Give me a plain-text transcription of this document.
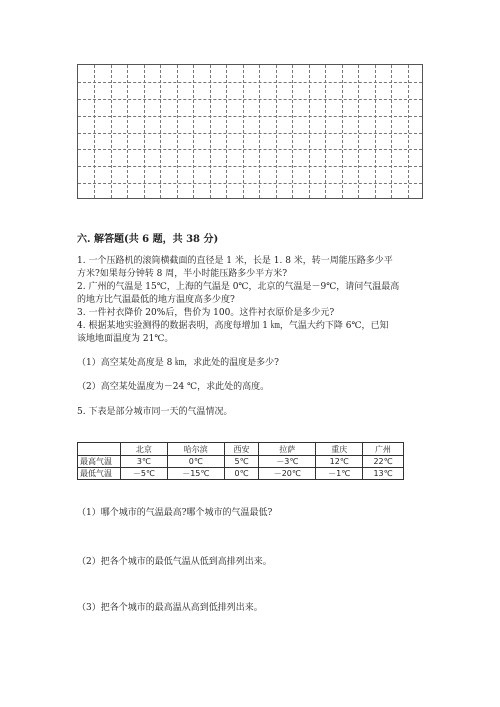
六. 解答题(共 6 题，共 38 分)
1. 一个压路机的滚筒横截面的直径是 1 米，长是 1. 8 米，转一周能压路多少平
方米?如果每分钟转 8 周，半小时能压路多少平方米?
2. 广州的气温是 15℃，上海的气温是 0℃，北京的气温是－9℃，请问气温最高
的地方比气温最低的地方温度高多少度?
3. 一件衬衣降价 20%后，售价为 100。这件衬衣原价是多少元?
4. 根据某地实验测得的数据表明，高度每增加 1 ㎞，气温大约下降 6℃，已知
该地地面温度为 21℃。
（1）高空某处高度是 8 ㎞，求此处的温度是多少?
（2）高空某处温度为－24 ℃，求此处的高度。
5. 下表是部分城市同一天的气温情况。
	北京	哈尔滨	西安	拉萨	重庆	广州
最高气温	3℃	0℃	5℃	－3℃	12℃	22℃
最低气温	－5℃	－15℃	0℃	－20℃	－1℃	13℃
（1）哪个城市的气温最高?哪个城市的气温最低?
（2）把各个城市的最低气温从低到高排列出来。
（3）把各个城市的最高温从高到低排列出来。
